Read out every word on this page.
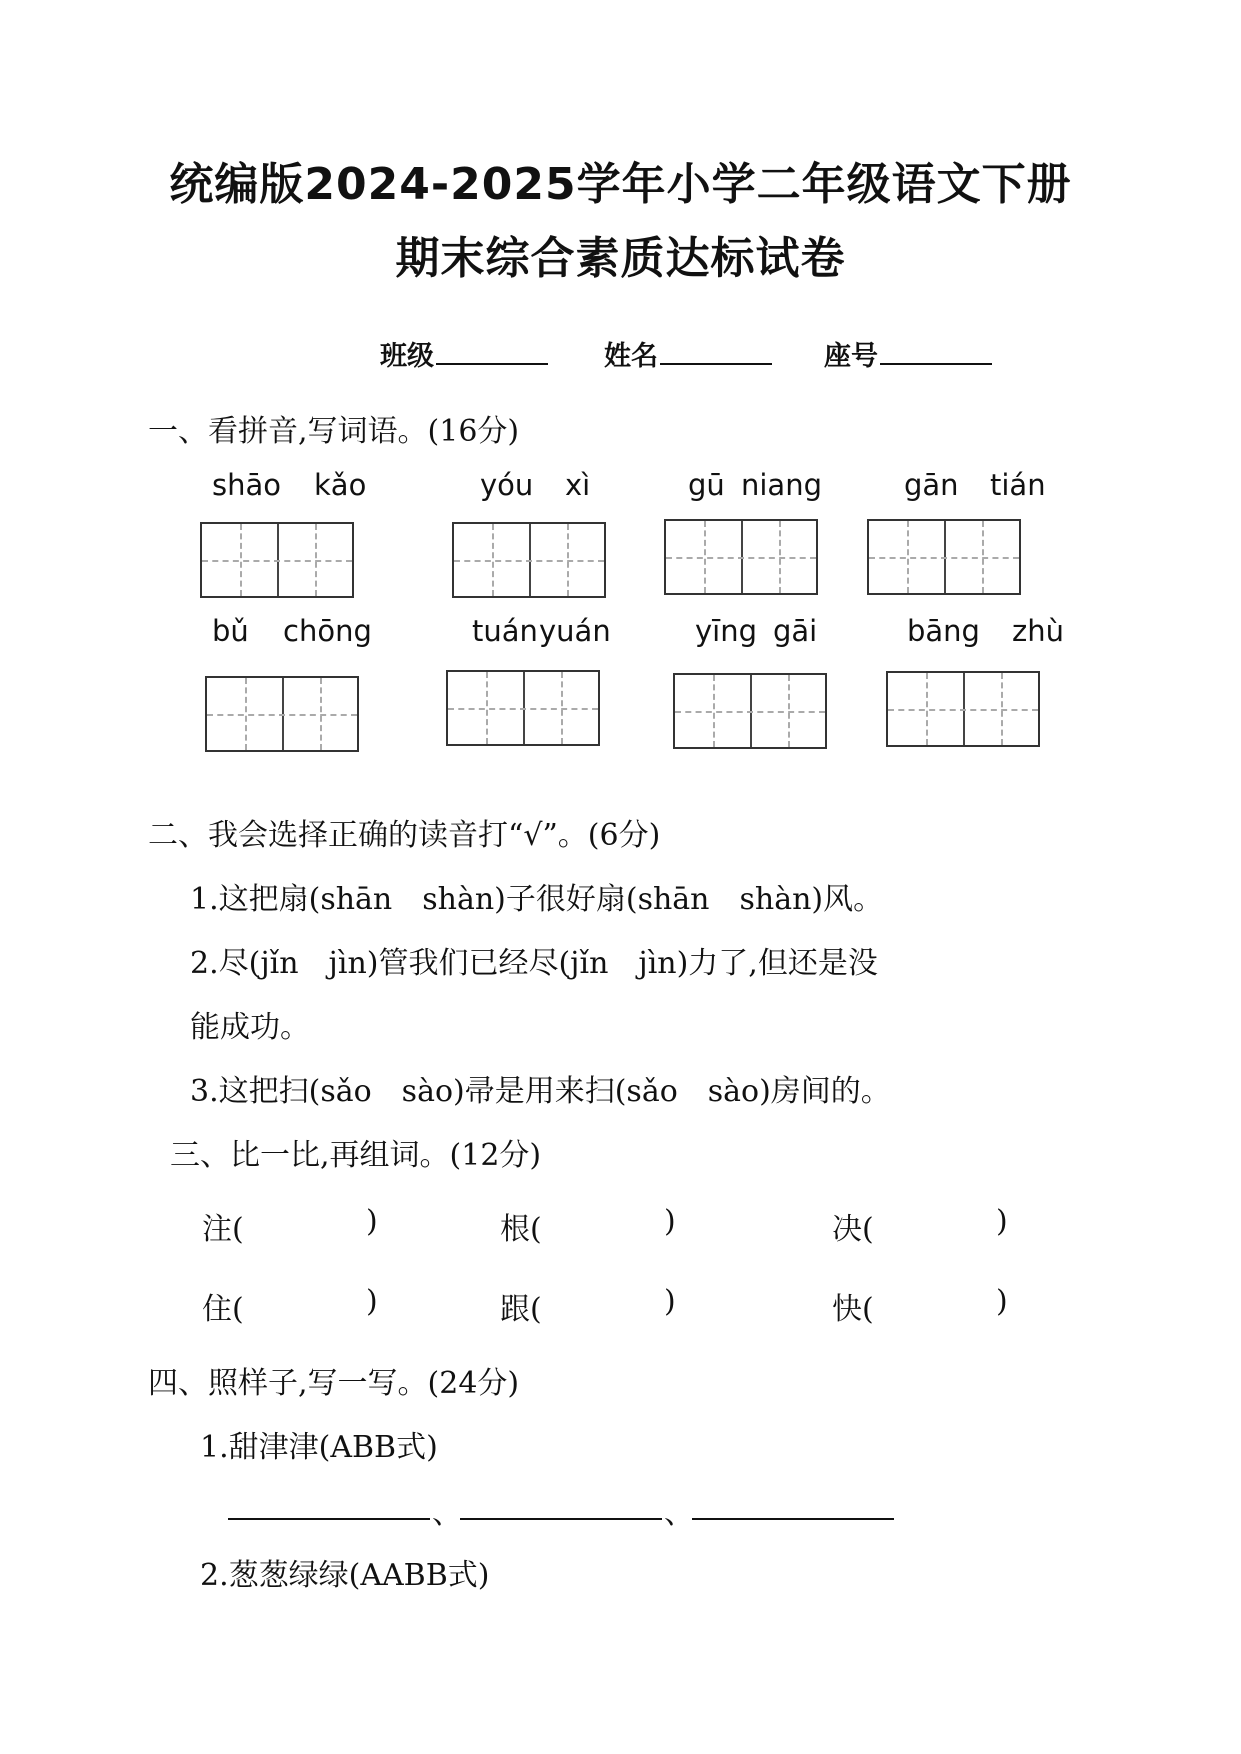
统编版2024-2025学年小学二年级语文下册
期末综合素质达标试卷
班级	姓名	座号
一、看拼音,写词语。(16分)
shāo kǎo	yóu xì	gū niang	gān tián
bǔ chōng	tuán yuán	yīng gāi	bāng zhù
二、我会选择正确的读音打“√”。(6分)
1.这把扇(shān　shàn)子很好扇(shān　shàn)风。
2.尽(jǐn　jìn)管我们已经尽(jǐn　jìn)力了,但还是没
能成功。
3.这把扫(sǎo　sào)帚是用来扫(sǎo　sào)房间的。
三、比一比,再组词。(12分)
注(	)	根(	)	决(	)
住(	)	跟(	)	快(	)
四、照样子,写一写。(24分)
1.甜津津(ABB式)
、	、
2.葱葱绿绿(AABB式)
